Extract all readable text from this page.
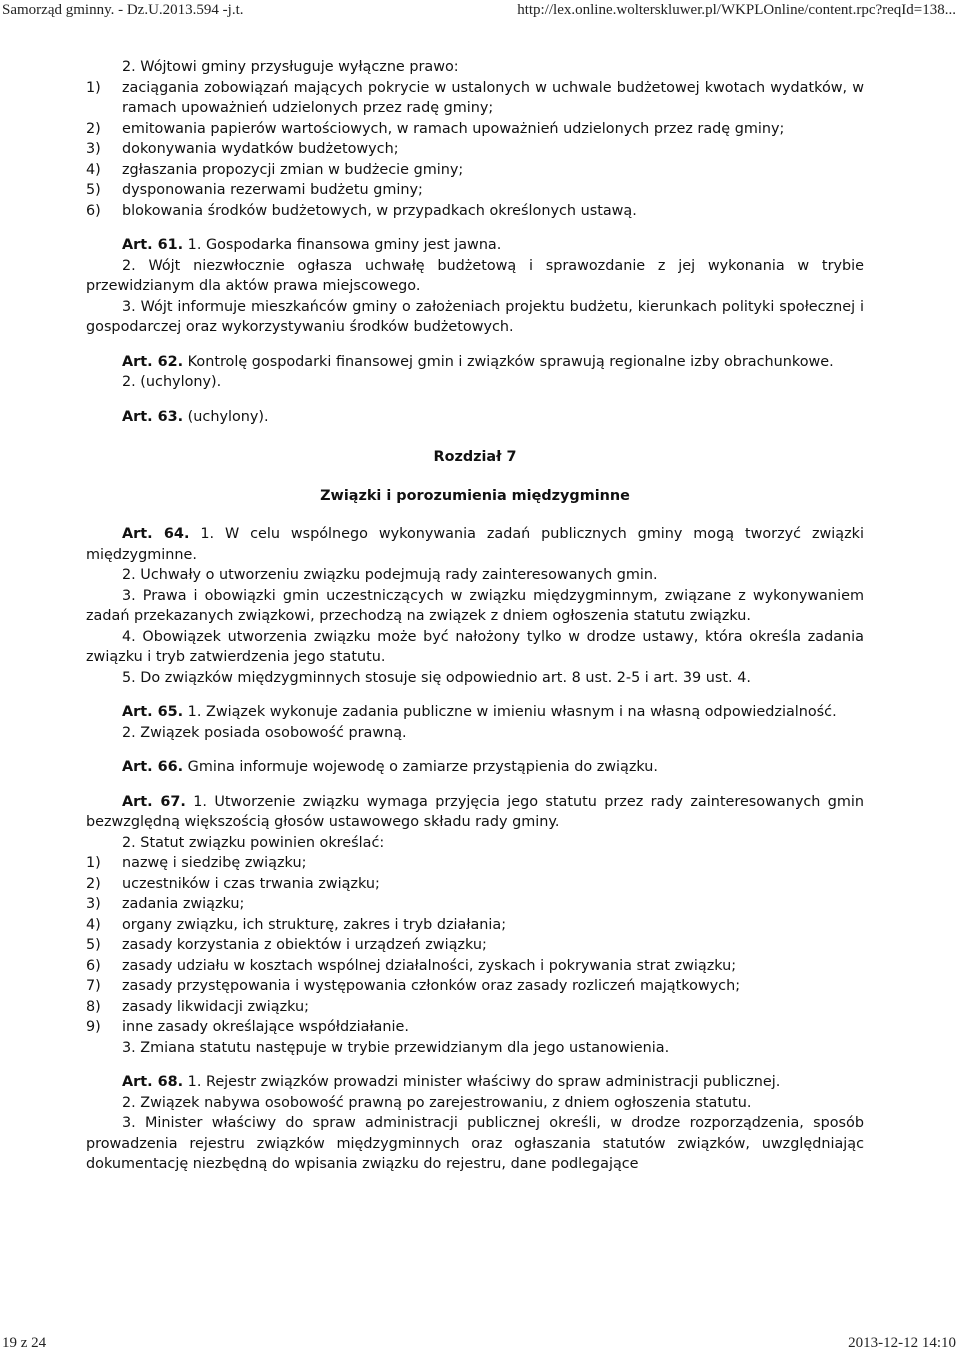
Samorząd gminny. - Dz.U.2013.594 -j.t.	http://lex.online.wolterskluwer.pl/WKPLOnline/content.rpc?reqId=138...

2. Wójtowi gminy przysługuje wyłączne prawo:

1) zaciągania zobowiązań mających pokrycie w ustalonych w uchwale budżetowej kwotach wydatków, w ramach upoważnień udzielonych przez radę gminy;

2) emitowania papierów wartościowych, w ramach upoważnień udzielonych przez radę gminy;

3) dokonywania wydatków budżetowych;

4) zgłaszania propozycji zmian w budżecie gminy;

5) dysponowania rezerwami budżetu gminy;

6) blokowania środków budżetowych, w przypadkach określonych ustawą.

Art. 61. 1. Gospodarka finansowa gminy jest jawna.

2. Wójt niezwłocznie ogłasza uchwałę budżetową i sprawozdanie z jej wykonania w trybie przewidzianym dla aktów prawa miejscowego.

3. Wójt informuje mieszkańców gminy o założeniach projektu budżetu, kierunkach polityki społecznej i gospodarczej oraz wykorzystywaniu środków budżetowych.

Art. 62. Kontrolę gospodarki finansowej gmin i związków sprawują regionalne izby obrachunkowe.

2. (uchylony).

Art. 63. (uchylony).

Rozdział 7

Związki i porozumienia międzygminne

Art. 64. 1. W celu wspólnego wykonywania zadań publicznych gminy mogą tworzyć związki międzygminne.

2. Uchwały o utworzeniu związku podejmują rady zainteresowanych gmin.

3. Prawa i obowiązki gmin uczestniczących w związku międzygminnym, związane z wykonywaniem zadań przekazanych związkowi, przechodzą na związek z dniem ogłoszenia statutu związku.

4. Obowiązek utworzenia związku może być nałożony tylko w drodze ustawy, która określa zadania związku i tryb zatwierdzenia jego statutu.

5. Do związków międzygminnych stosuje się odpowiednio art. 8 ust. 2-5 i art. 39 ust. 4.

Art. 65. 1. Związek wykonuje zadania publiczne w imieniu własnym i na własną odpowiedzialność.

2. Związek posiada osobowość prawną.

Art. 66. Gmina informuje wojewodę o zamiarze przystąpienia do związku.

Art. 67. 1. Utworzenie związku wymaga przyjęcia jego statutu przez rady zainteresowanych gmin bezwzględną większością głosów ustawowego składu rady gminy.

2. Statut związku powinien określać:

1) nazwę i siedzibę związku;

2) uczestników i czas trwania związku;

3) zadania związku;

4) organy związku, ich strukturę, zakres i tryb działania;

5) zasady korzystania z obiektów i urządzeń związku;

6) zasady udziału w kosztach wspólnej działalności, zyskach i pokrywania strat związku;

7) zasady przystępowania i występowania członków oraz zasady rozliczeń majątkowych;

8) zasady likwidacji związku;

9) inne zasady określające współdziałanie.

3. Zmiana statutu następuje w trybie przewidzianym dla jego ustanowienia.

Art. 68. 1. Rejestr związków prowadzi minister właściwy do spraw administracji publicznej.

2. Związek nabywa osobowość prawną po zarejestrowaniu, z dniem ogłoszenia statutu.

3. Minister właściwy do spraw administracji publicznej określi, w drodze rozporządzenia, sposób prowadzenia rejestru związków międzygminnych oraz ogłaszania statutów związków, uwzględniając dokumentację niezbędną do wpisania związku do rejestru, dane podlegające

19 z 24	2013-12-12 14:10
